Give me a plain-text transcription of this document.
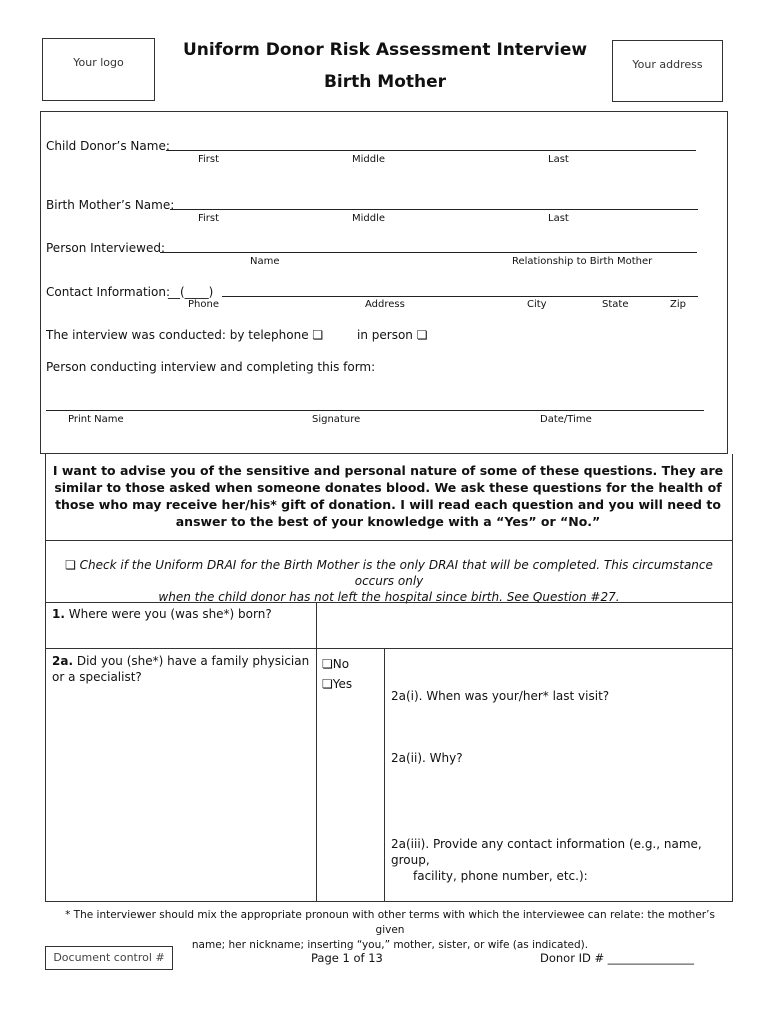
Your logo
Uniform Donor Risk Assessment Interview
Birth Mother
Your address
Child Donor’s Name:
First	Middle	Last
Birth Mother’s Name:
First	Middle	Last
Person Interviewed:
Name	Relationship to Birth Mother
Contact Information:
__(____)
Phone	Address	City	State	Zip
The interview was conducted: by telephone ❏	in person ❏
Person conducting interview and completing this form:
Print Name	Signature	Date/Time
I want to advise you of the sensitive and personal nature of some of these questions. They are similar to those asked when someone donates blood. We ask these questions for the health of those who may receive her/his* gift of donation. I will read each question and you will need to answer to the best of your knowledge with a “Yes” or “No.”
❏ Check if the Uniform DRAI for the Birth Mother is the only DRAI that will be completed. This circumstance occurs only
when the child donor has not left the hospital since birth. See Question #27.
1. Where were you (was she*) born?
2a. Did you (she*) have a family physician or a specialist?
❏No
❏Yes
2a(i). When was your/her* last visit?
2a(ii). Why?
2a(iii). Provide any contact information (e.g., name, group,
facility, phone number, etc.):
* The interviewer should mix the appropriate pronoun with other terms with which the interviewee can relate: the mother’s given
name; her nickname; inserting “you,” mother, sister, or wife (as indicated).
Document control #	Page 1 of 13	Donor ID # _______________
